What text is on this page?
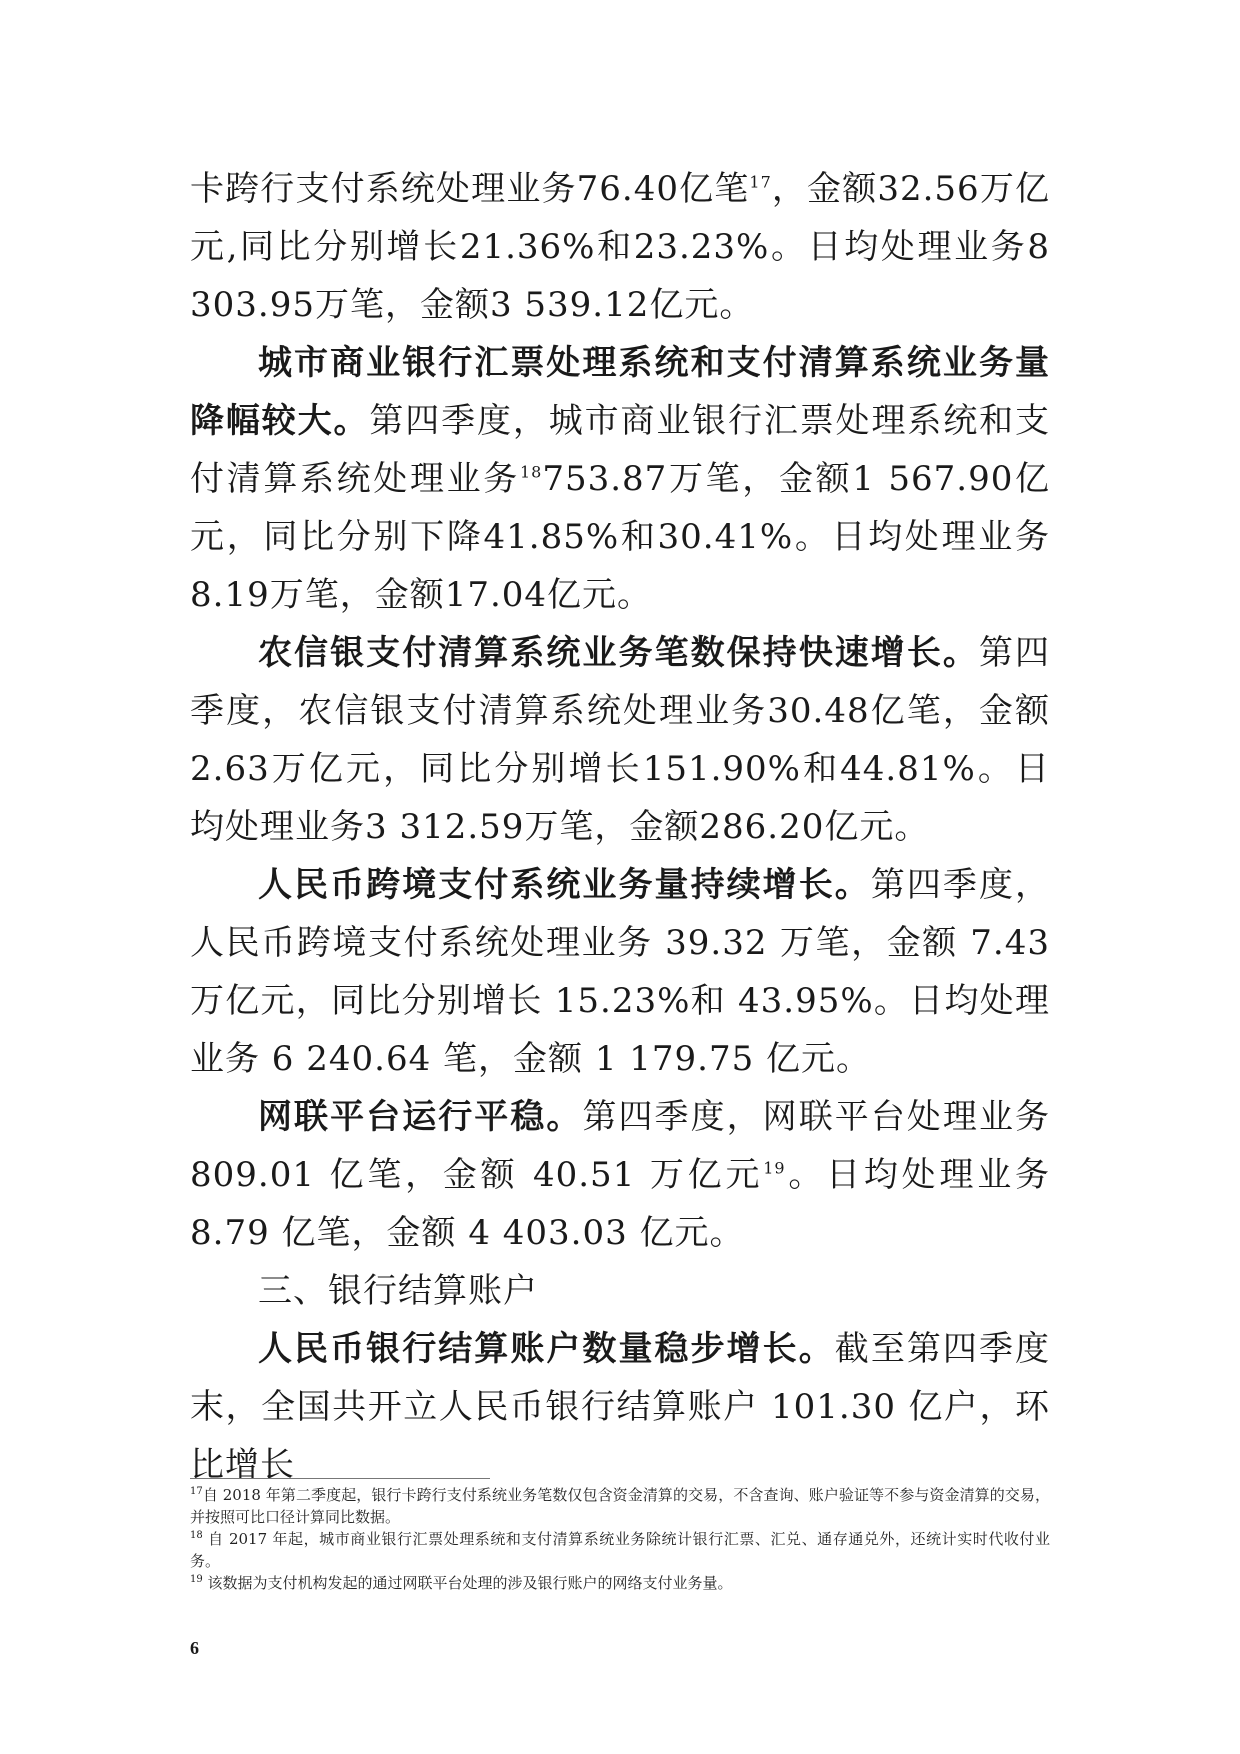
卡跨行支付系统处理业务76.40亿笔$^{17}$，金额32.56万亿元,同比分别增长21.36%和23.23%。日均处理业务8 303.95万笔，金额3 539.12亿元。

城市商业银行汇票处理系统和支付清算系统业务量降幅较大。第四季度，城市商业银行汇票处理系统和支付清算系统处理业务$^{18}$753.87万笔，金额1 567.90亿元，同比分别下降41.85%和30.41%。日均处理业务8.19万笔，金额17.04亿元。

农信银支付清算系统业务笔数保持快速增长。第四季度，农信银支付清算系统处理业务30.48亿笔，金额2.63万亿元，同比分别增长151.90%和44.81%。日均处理业务3 312.59万笔，金额286.20亿元。

人民币跨境支付系统业务量持续增长。第四季度，人民币跨境支付系统处理业务 39.32 万笔，金额 7.43 万亿元，同比分别增长 15.23%和 43.95%。日均处理业务 6 240.64 笔，金额 1 179.75 亿元。

网联平台运行平稳。第四季度，网联平台处理业务809.01 亿笔，金额 40.51 万亿元$^{19}$。日均处理业务 8.79 亿笔，金额 4 403.03 亿元。

三、银行结算账户

人民币银行结算账户数量稳步增长。截至第四季度末，全国共开立人民币银行结算账户 101.30 亿户，环比增长

$^{17}$自 2018 年第二季度起，银行卡跨行支付系统业务笔数仅包含资金清算的交易，不含查询、账户验证等不参与资金清算的交易，并按照可比口径计算同比数据。

$^{18}$ 自 2017 年起，城市商业银行汇票处理系统和支付清算系统业务除统计银行汇票、汇兑、通存通兑外，还统计实时代收付业务。

$^{19}$ 该数据为支付机构发起的通过网联平台处理的涉及银行账户的网络支付业务量。

6
